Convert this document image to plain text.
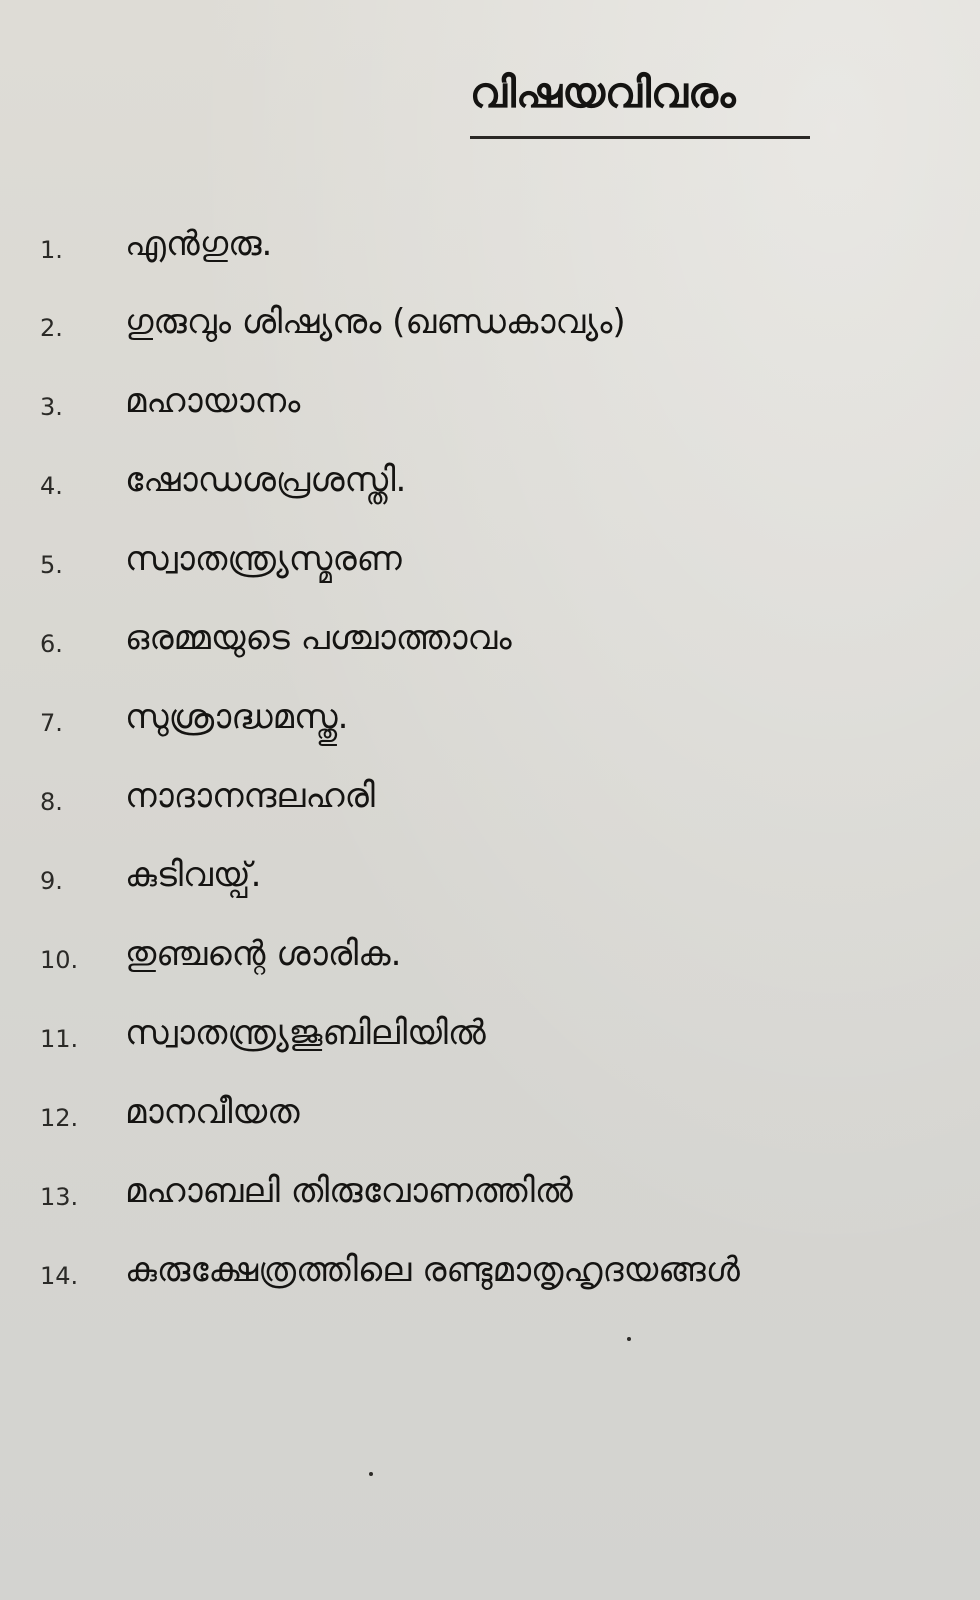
വിഷയവിവരം
1.	എൻഗുരു.
2.	ഗുരുവും ശിഷ്യനും (ഖണ്ഡകാവ്യം)
3.	മഹായാനം
4.	ഷോഡശപ്രശസ്തി.
5.	സ്വാതന്ത്ര്യസ്മരണ
6.	ഒരമ്മയുടെ പശ്ചാത്താവം
7.	സുശ്രാദ്ധമസ്തു.
8.	നാദാനന്ദലഹരി
9.	കുടിവയ്പ്.
10.	തുഞ്ചന്റെ ശാരിക.
11.	സ്വാതന്ത്ര്യജൂബിലിയിൽ
12.	മാനവീയത
13.	മഹാബലി തിരുവോണത്തിൽ
14.	കുരുക്ഷേത്രത്തിലെ രണ്ടുമാതൃഹൃദയങ്ങൾ
